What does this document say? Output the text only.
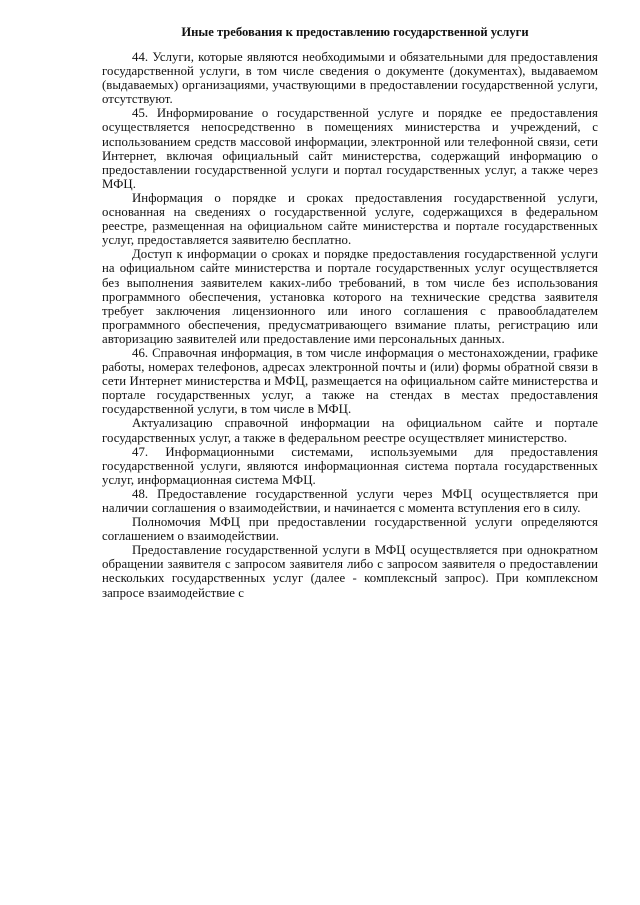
Иные требования к предоставлению государственной услуги

44. Услуги, которые являются необходимыми и обязательными для предоставления государственной услуги, в том числе сведения о документе (документах), выдаваемом (выдаваемых) организациями, участвующими в предоставлении государственной услуги, отсутствуют.

45. Информирование о государственной услуге и порядке ее предоставления осуществляется непосредственно в помещениях министерства и учреждений, с использованием средств массовой информации, электронной или телефонной связи, сети Интернет, включая официальный сайт министерства, содержащий информацию о предоставлении государственной услуги и портал государственных услуг, а также через МФЦ.

Информация о порядке и сроках предоставления государственной услуги, основанная на сведениях о государственной услуге, содержащихся в федеральном реестре, размещенная на официальном сайте министерства и портале государственных услуг, предоставляется заявителю бесплатно.

Доступ к информации о сроках и порядке предоставления государственной услуги на официальном сайте министерства и портале государственных услуг осуществляется без выполнения заявителем каких-либо требований, в том числе без использования программного обеспечения, установка которого на технические средства заявителя требует заключения лицензионного или иного соглашения с правообладателем программного обеспечения, предусматривающего взимание платы, регистрацию или авторизацию заявителей или предоставление ими персональных данных.

46. Справочная информация, в том числе информация о местонахождении, графике работы, номерах телефонов, адресах электронной почты и (или) формы обратной связи в сети Интернет министерства и МФЦ, размещается на официальном сайте министерства и портале государственных услуг, а также на стендах в местах предоставления государственной услуги, в том числе в МФЦ.

Актуализацию справочной информации на официальном сайте и портале государственных услуг, а также в федеральном реестре осуществляет министерство.

47. Информационными системами, используемыми для предоставления государственной услуги, являются информационная система портала государственных услуг, информационная система МФЦ.

48. Предоставление государственной услуги через МФЦ осуществляется при наличии соглашения о взаимодействии, и начинается с момента вступления его в силу.

Полномочия МФЦ при предоставлении государственной услуги определяются соглашением о взаимодействии.

Предоставление государственной услуги в МФЦ осуществляется при однократном обращении заявителя с запросом заявителя либо с запросом заявителя о предоставлении нескольких государственных услуг (далее - комплексный запрос). При комплексном запросе взаимодействие с
